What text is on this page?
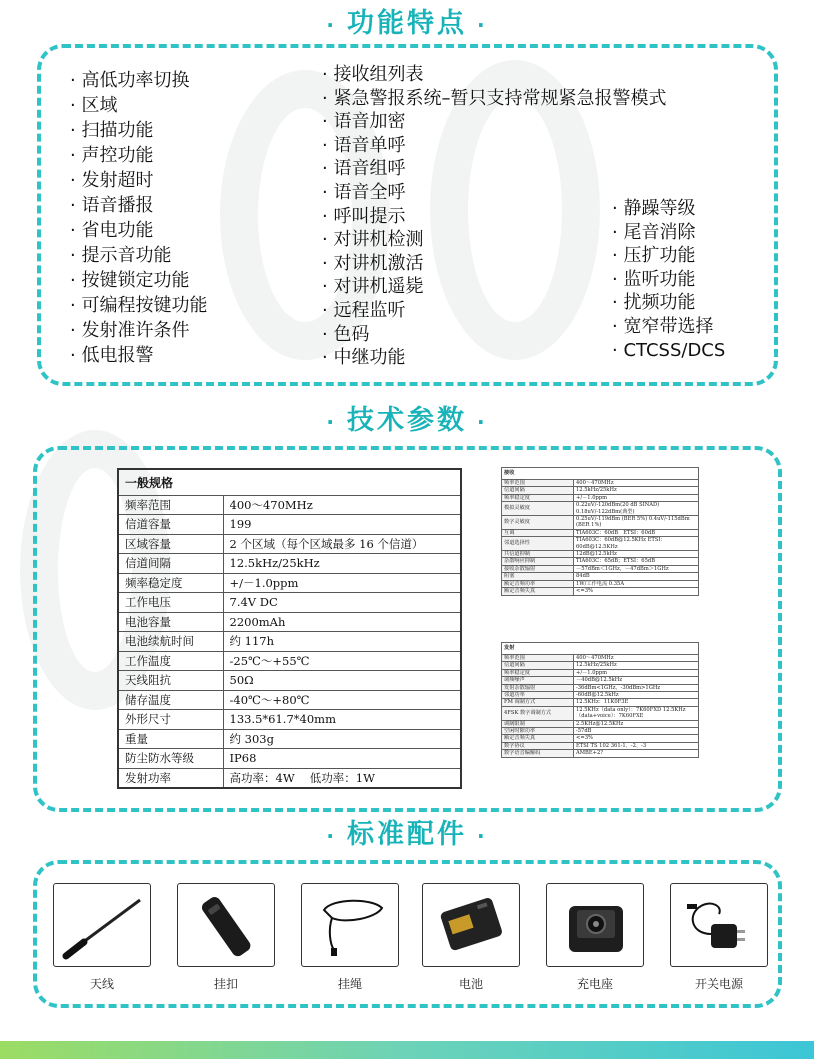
· 功能特点 ·
· 高低功率切换
· 区域
· 扫描功能
· 声控功能
· 发射超时
· 语音播报
· 省电功能
· 提示音功能
· 按键锁定功能
· 可编程按键功能
· 发射准许条件
· 低电报警
· 接收组列表
· 紧急警报系统–暂只支持常规紧急报警模式
· 语音加密
· 语音单呼
· 语音组呼
· 语音全呼
· 呼叫提示
· 对讲机检测
· 对讲机激活
· 对讲机遥毙
· 远程监听
· 色码
· 中继功能
· 静躁等级
· 尾音消除
· 压扩功能
· 监听功能
· 扰频功能
· 宽窄带选择
· CTCSS/DCS
· 技术参数 ·
一般规格	
频率范围	400～470MHz
信道容量	199
区域容量	2 个区域（每个区域最多 16 个信道）
信道间隔	12.5kHz/25kHz
频率稳定度	+/－1.0ppm
工作电压	7.4V DC
电池容量	2200mAh
电池续航时间	约 117h
工作温度	-25℃～+55℃
天线阻抗	50Ω
储存温度	-40℃～+80℃
外形尺寸	133.5*61.7*40mm
重量	约 303g
防尘防水等级	IP68
发射功率	高功率：4W　 低功率：1W
接收	
频率范围	400～470MHz
信道间隔	12.5kHz/25kHz
频率稳定度	+/－1.0ppm
模拟灵敏度	0.22uV/-120dBm(20 dB SINAD) 0.18uV/-122dBm(典型)
数字灵敏度	0.25uV/-119dBm (BER 5%) 0.4uV/-115dBm (BER 1%)
互调	TIA603C：60dB　ETSI：60dB
邻道选择性	TIA603C：60dB@12.5KHz ETSI：60dB@12.5KHz
共信道抑制	12dB@12.5kHz
杂散响应抑制	TIA603C：65dB；ETSI：65dB
接收杂散辐射	－57dBm＜1GHz，－47dBm＞1GHz
阻塞	84dB
额定音频功率	1W/工作电流 0.35A
额定音频失真	<=3%
发射	
频率范围	400～470MHz
信道间隔	12.5kHz/25kHz
频率稳定度	+/－1.0ppm
调频噪声	－40dB@12.5kHz
发射杂散辐射	-36dBm<1GHz，-30dBm>1GHz
邻道功率	-60dB@12.5kHz
FM 调制方式	12.5KHz：11K0F3E
4FSK 数字调制方式	12.5KHz（data only）：7K60FXD 12.5KHz（data+voice）：7K60FXE
调制限制	2.5KHz@12.5KHz
空闲时隙功率	-57dB
额定音频失真	<=3%
数字协议	ETSI TS 102 361-1、-2、-3
数字语音编解码	AMBE+2?
· 标准配件 ·
天线	挂扣	挂绳	电池	充电座	开关电源
